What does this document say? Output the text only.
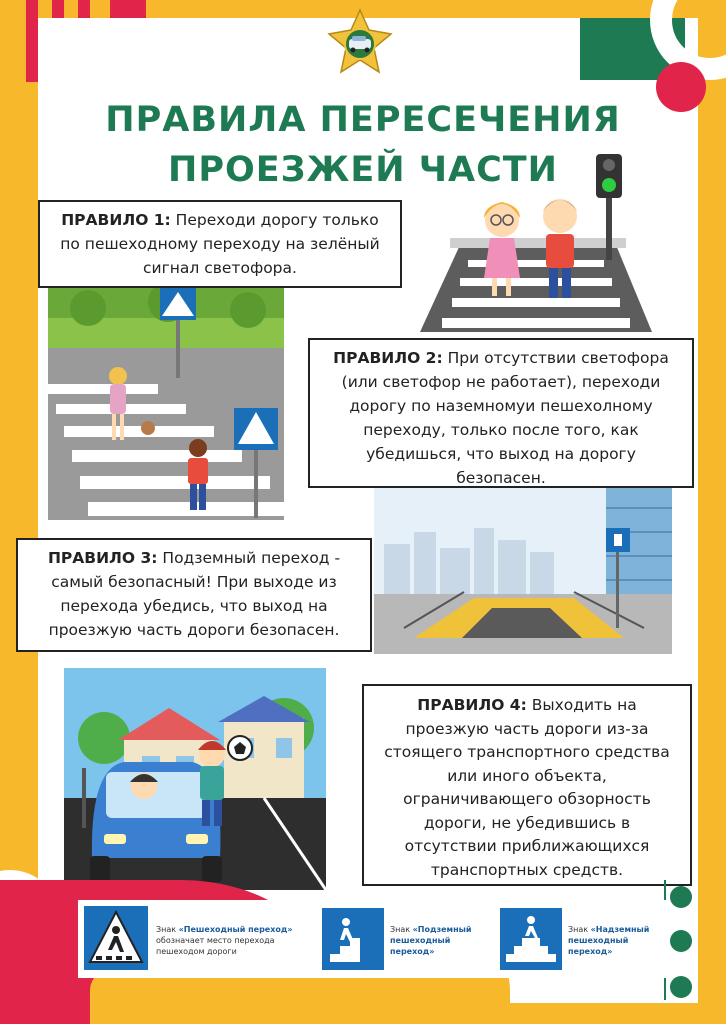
ПРАВИЛА ПЕРЕСЕЧЕНИЯ
ПРОЕЗЖЕЙ ЧАСТИ
ПРАВИЛО 1: Переходи дорогу только по пешеходному переходу на зелёный сигнал светофора.
ПРАВИЛО 2: При отсутствии светофора (или светофор не работает), переходи дорогу по наземномуи пешехолному переходу, только после того, как убедишься, что выход на дорогу безопасен.
ПРАВИЛО 3: Подземный переход - самый безопасный! При выходе из перехода убедись, что выход на проезжую часть дороги безопасен.
ПРАВИЛО 4: Выходить на проезжую часть дороги из-за стоящего транспортного средства или иного объекта, ограничивающего обзорность дороги, не убедившись в отсутствии приближающихся транспортных средств.
Знак «Пешеходный переход» обозначает место перехода пешеходом дороги
Знак «Подземный пешеходный переход»
Знак «Надземный пешеходный переход»
